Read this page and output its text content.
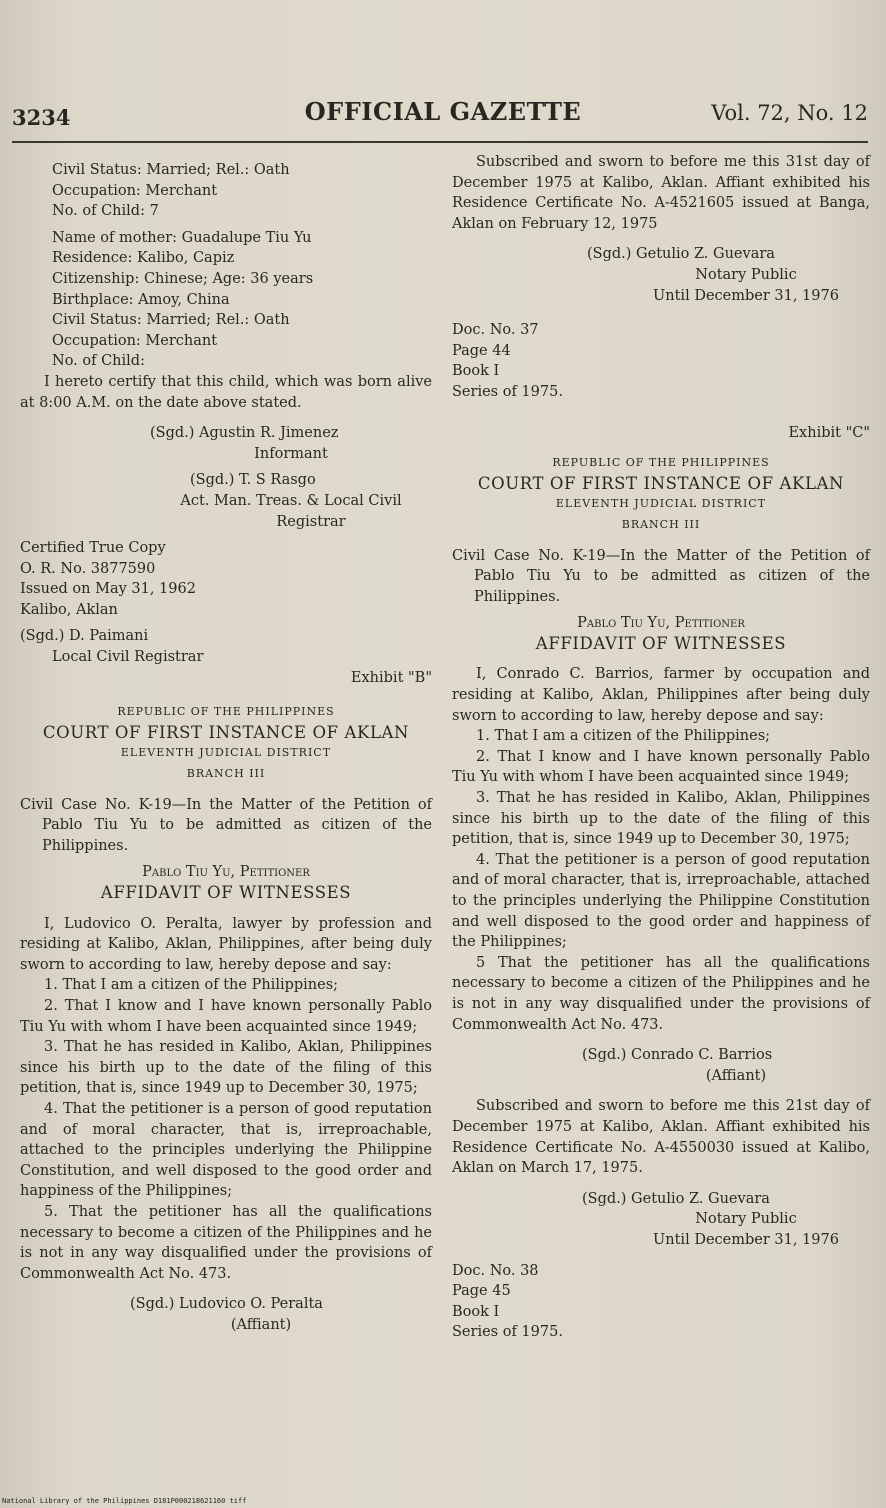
3234	OFFICIAL GAZETTE	Vol. 72, No. 12

Civil Status: Married; Rel.: Oath

Occupation: Merchant

No. of Child: 7

Name of mother: Guadalupe Tiu Yu

Residence: Kalibo, Capiz

Citizenship: Chinese; Age: 36 years

Birthplace: Amoy, China

Civil Status: Married; Rel.: Oath

Occupation: Merchant

No. of Child:

I hereto certify that this child, which was born alive at 8:00 A.M. on the date above stated.

(Sgd.) Agustin R. Jimenez

Informant

(Sgd.) T. S Rasgo

Act. Man. Treas. & Local Civil

Registrar

Certified True Copy

O. R. No. 3877590

Issued on May 31, 1962

Kalibo, Aklan

(Sgd.) D. Paimani

Local Civil Registrar

Exhibit "B"

REPUBLIC OF THE PHILIPPINES

COURT OF FIRST INSTANCE OF AKLAN

ELEVENTH JUDICIAL DISTRICT

BRANCH III

Civil Case No. K-19—In the Matter of the Petition of Pablo Tiu Yu to be admitted as citizen of the Philippines.

Pablo Tiu Yu, Petitioner

AFFIDAVIT OF WITNESSES

I, Ludovico O. Peralta, lawyer by profession and residing at Kalibo, Aklan, Philippines, after being duly sworn to according to law, hereby depose and say:

1. That I am a citizen of the Philippines;

2. That I know and I have known personally Pablo Tiu Yu with whom I have been acquainted since 1949;

3. That he has resided in Kalibo, Aklan, Philippines since his birth up to the date of the filing of this petition, that is, since 1949 up to December 30, 1975;

4. That the petitioner is a person of good reputation and of moral character, that is, irreproachable, attached to the principles underlying the Philippine Constitution, and well disposed to the good order and happiness of the Philippines;

5. That the petitioner has all the qualifications necessary to become a citizen of the Philippines and he is not in any way disqualified under the provisions of Commonwealth Act No. 473.

(Sgd.) Ludovico O. Peralta

(Affiant)

Subscribed and sworn to before me this 31st day of December 1975 at Kalibo, Aklan. Affiant exhibited his Residence Certificate No. A-4521605 issued at Banga, Aklan on February 12, 1975

(Sgd.) Getulio Z. Guevara

Notary Public

Until December 31, 1976

Doc. No. 37

Page 44

Book I

Series of 1975.

Exhibit "C"

REPUBLIC OF THE PHILIPPINES

COURT OF FIRST INSTANCE OF AKLAN

ELEVENTH JUDICIAL DISTRICT

BRANCH III

Civil Case No. K-19—In the Matter of the Petition of Pablo Tiu Yu to be admitted as citizen of the Philippines.

Pablo Tiu Yu, Petitioner

AFFIDAVIT OF WITNESSES

I, Conrado C. Barrios, farmer by occupation and residing at Kalibo, Aklan, Philippines after being duly sworn to according to law, hereby depose and say:

1. That I am a citizen of the Philippines;

2. That I know and I have known personally Pablo Tiu Yu with whom I have been acquainted since 1949;

3. That he has resided in Kalibo, Aklan, Philippines since his birth up to the date of the filing of this petition, that is, since 1949 up to December 30, 1975;

4. That the petitioner is a person of good reputation and of moral character, that is, irreproachable, attached to the principles underlying the Philippine Constitution and well disposed to the good order and happiness of the Philippines;

5 That the petitioner has all the qualifications necessary to become a citizen of the Philippines and he is not in any way disqualified under the provisions of Commonwealth Act No. 473.

(Sgd.) Conrado C. Barrios

(Affiant)

Subscribed and sworn to before me this 21st day of December 1975 at Kalibo, Aklan. Affiant exhibited his Residence Certificate No. A-4550030 issued at Kalibo, Aklan on March 17, 1975.

(Sgd.) Getulio Z. Guevara

Notary Public

Until December 31, 1976

Doc. No. 38

Page 45

Book I

Series of 1975.

National Library of the Philippines D181P000218621160 tiff
